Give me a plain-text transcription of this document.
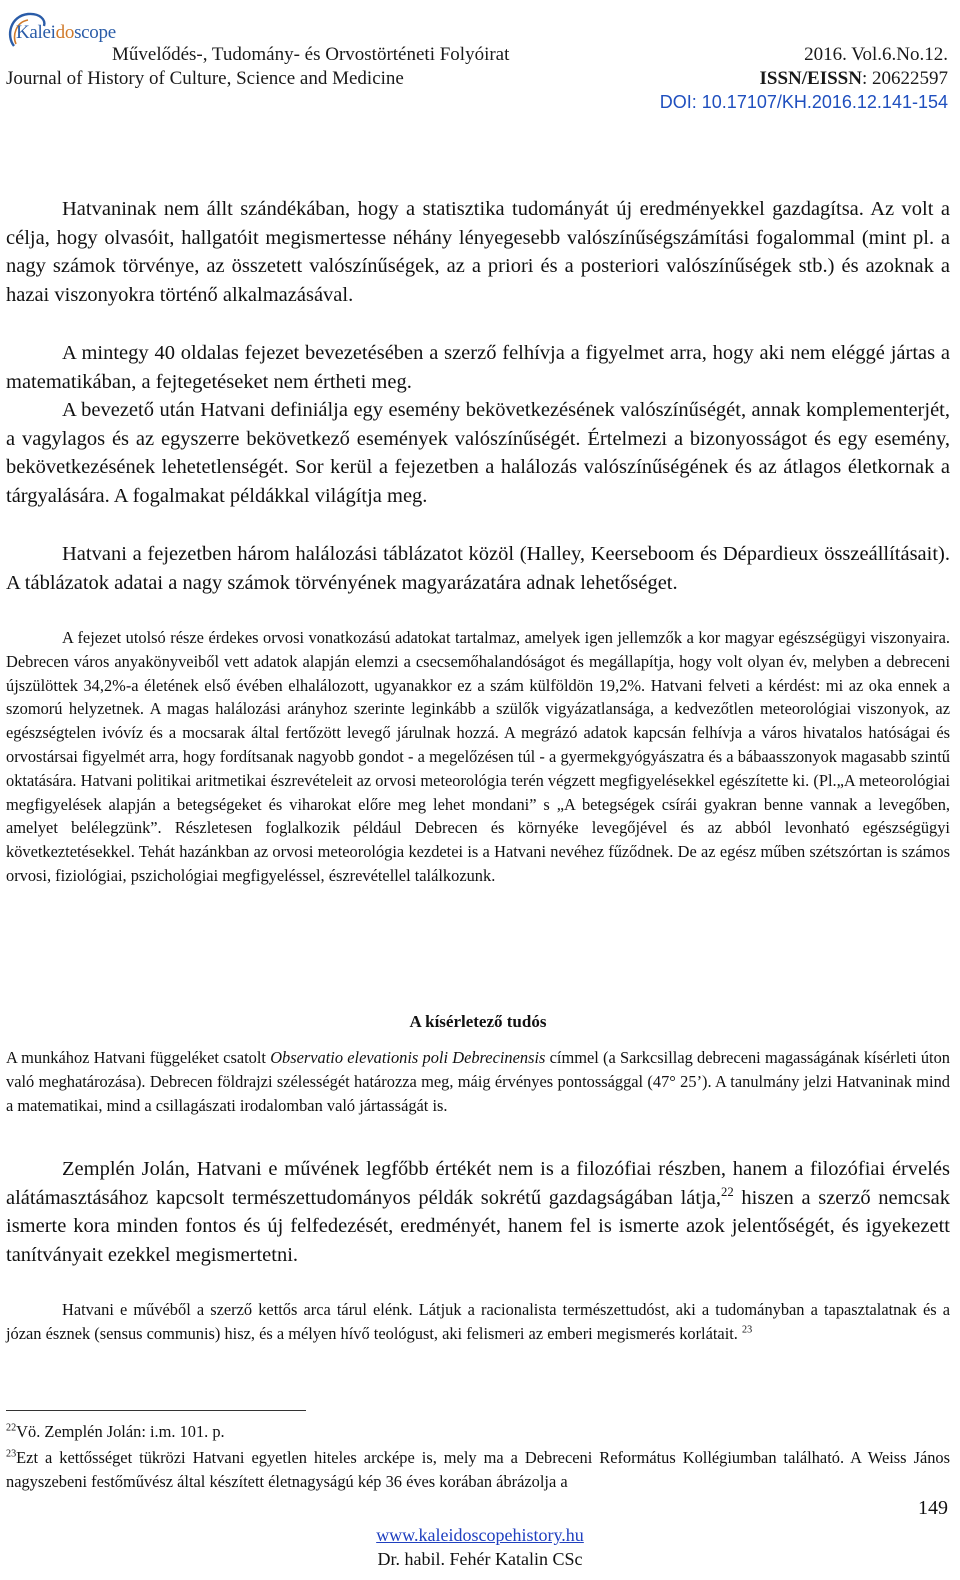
Kaleidoscope
Művelődés-, Tudomány- és Orvostörténeti Folyóirat
Journal of History of Culture, Science and Medicine
2016. Vol.6.No.12.
ISSN/EISSN: 20622597
DOI: 10.17107/KH.2016.12.141-154

Hatvaninak nem állt szándékában, hogy a statisztika tudományát új eredményekkel gazdagítsa. Az volt a célja, hogy olvasóit, hallgatóit megismertesse néhány lényegesebb valószínűségszámítási fogalommal (mint pl. a nagy számok törvénye, az összetett valószínűségek, az a priori és a posteriori valószínűségek stb.) és azoknak a hazai viszonyokra történő alkalmazásával.

A mintegy 40 oldalas fejezet bevezetésében a szerző felhívja a figyelmet arra, hogy aki nem eléggé jártas a matematikában, a fejtegetéseket nem értheti meg.

A bevezető után Hatvani definiálja egy esemény bekövetkezésének valószínűségét, annak komplementerjét, a vagylagos és az egyszerre bekövetkező események valószínűségét. Értelmezi a bizonyosságot és egy esemény, bekövetkezésének lehetetlenségét. Sor kerül a fejezetben a halálozás valószínűségének és az átlagos életkornak a tárgyalására. A fogalmakat példákkal világítja meg.

Hatvani a fejezetben három halálozási táblázatot közöl (Halley, Keerseboom és Dépardieux összeállításait). A táblázatok adatai a nagy számok törvényének magyarázatára adnak lehetőséget.

A fejezet utolsó része érdekes orvosi vonatkozású adatokat tartalmaz, amelyek igen jellemzők a kor magyar egészségügyi viszonyaira. Debrecen város anyakönyveiből vett adatok alapján elemzi a csecsemőhalandóságot és megállapítja, hogy volt olyan év, melyben a debreceni újszülöttek 34,2%-a életének első évében elhalálozott, ugyanakkor ez a szám külföldön 19,2%. Hatvani felveti a kérdést: mi az oka ennek a szomorú helyzetnek. A magas halálozási arányhoz szerinte leginkább a szülők vigyázatlansága, a kedvezőtlen meteorológiai viszonyok, az egészségtelen ivóvíz és a mocsarak által fertőzött levegő járulnak hozzá. A megrázó adatok kapcsán felhívja a város hivatalos hatóságai és orvostársai figyelmét arra, hogy fordítsanak nagyobb gondot - a megelőzésen túl - a gyermekgyógyászatra és a bábaasszonyok magasabb szintű oktatására. Hatvani politikai aritmetikai észrevételeit az orvosi meteorológia terén végzett megfigyelésekkel egészítette ki. (Pl.„A meteorológiai megfigyelések alapján a betegségeket és viharokat előre meg lehet mondani” s „A betegségek csírái gyakran benne vannak a levegőben, amelyet belélegzünk”. Részletesen foglalkozik például Debrecen és környéke levegőjével és az abból levonható egészségügyi következtetésekkel. Tehát hazánkban az orvosi meteorológia kezdetei is a Hatvani nevéhez fűződnek. De az egész műben szétszórtan is számos orvosi, fiziológiai, pszichológiai megfigyeléssel, észrevétellel találkozunk.

A kísérletező tudós

A munkához Hatvani függeléket csatolt Observatio elevationis poli Debrecinensis címmel (a Sarkcsillag debreceni magasságának kísérleti úton való meghatározása). Debrecen földrajzi szélességét határozza meg, máig érvényes pontossággal (47° 25’). A tanulmány jelzi Hatvaninak mind a matematikai, mind a csillagászati irodalomban való jártasságát is.

Zemplén Jolán, Hatvani e művének legfőbb értékét nem is a filozófiai részben, hanem a filozófiai érvelés alátámasztásához kapcsolt természettudományos példák sokrétű gazdagságában látja,$^{22}$ hiszen a szerző nemcsak ismerte kora minden fontos és új felfedezését, eredményét, hanem fel is ismerte azok jelentőségét, és igyekezett tanítványait ezekkel megismertetni.

Hatvani e művéből a szerző kettős arca tárul elénk. Látjuk a racionalista természettudóst, aki a tudományban a tapasztalatnak és a józan észnek (sensus communis) hisz, és a mélyen hívő teológust, aki felismeri az emberi megismerés korlátait. $^{23}$

$^{22}$Vö. Zemplén Jolán: i.m. 101. p.

$^{23}$Ezt a kettősséget tükrözi Hatvani egyetlen hiteles arcképe is, mely ma a Debreceni Református Kollégiumban található. A Weiss János nagyszebeni festőművész által készített életnagyságú kép 36 éves korában ábrázolja a

149
www.kaleidoscopehistory.hu
Dr. habil. Fehér Katalin CSc
